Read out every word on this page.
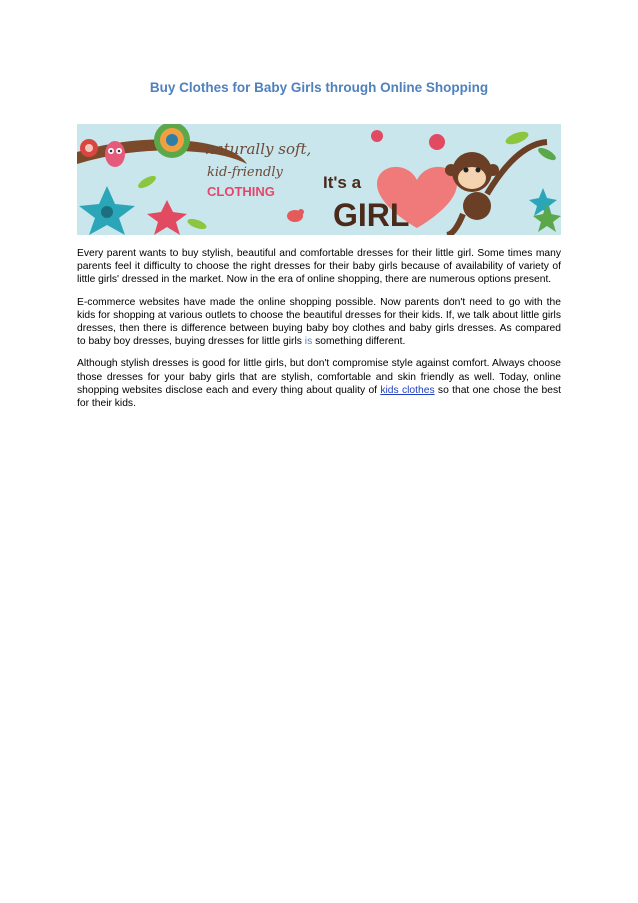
Buy Clothes for Baby Girls through Online Shopping
naturally soft,
kid-friendly
CLOTHING	It's a
GIRL

Every parent wants to buy stylish, beautiful and comfortable dresses for their little girl. Some times many parents feel it difficulty to choose the right dresses for their baby girls because of availability of variety of little girls' dressed in the market. Now in the era of online shopping, there are numerous options present.

E-commerce websites have made the online shopping possible. Now parents don't need to go with the kids for shopping at various outlets to choose the beautiful dresses for their kids. If, we talk about little girls dresses, then there is difference between buying baby boy clothes and baby girls dresses. As compared to baby boy dresses, buying dresses for little girls is something different.

Although stylish dresses is good for little girls, but don't compromise style against comfort. Always choose those dresses for your baby girls that are stylish, comfortable and skin friendly as well. Today, online shopping websites disclose each and every thing about quality of kids clothes so that one chose the best for their kids.
